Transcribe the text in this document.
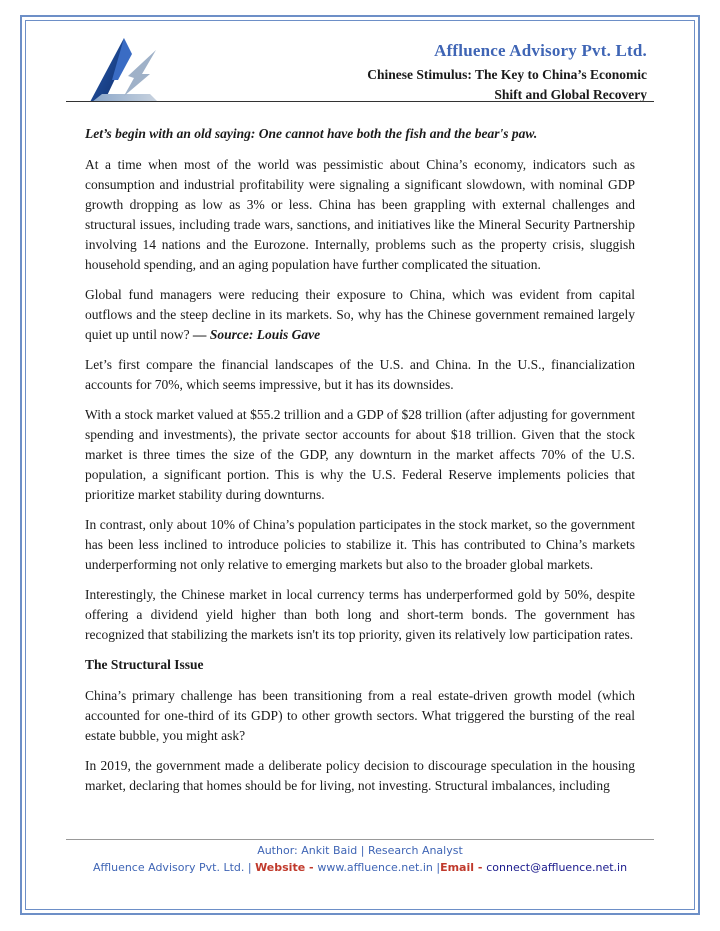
Affluence Advisory Pvt. Ltd.
Chinese Stimulus: The Key to China’s Economic
Shift and Global Recovery

Let’s begin with an old saying: One cannot have both the fish and the bear's paw.

At a time when most of the world was pessimistic about China’s economy, indicators such as consumption and industrial profitability were signaling a significant slowdown, with nominal GDP growth dropping as low as 3% or less. China has been grappling with external challenges and structural issues, including trade wars, sanctions, and initiatives like the Mineral Security Partnership involving 14 nations and the Eurozone. Internally, problems such as the property crisis, sluggish household spending, and an aging population have further complicated the situation.

Global fund managers were reducing their exposure to China, which was evident from capital outflows and the steep decline in its markets. So, why has the Chinese government remained largely quiet up until now? — Source: Louis Gave

Let’s first compare the financial landscapes of the U.S. and China. In the U.S., financialization accounts for 70%, which seems impressive, but it has its downsides.

With a stock market valued at $55.2 trillion and a GDP of $28 trillion (after adjusting for government spending and investments), the private sector accounts for about $18 trillion. Given that the stock market is three times the size of the GDP, any downturn in the market affects 70% of the U.S. population, a significant portion. This is why the U.S. Federal Reserve implements policies that prioritize market stability during downturns.

In contrast, only about 10% of China’s population participates in the stock market, so the government has been less inclined to introduce policies to stabilize it. This has contributed to China’s markets underperforming not only relative to emerging markets but also to the broader global markets.

Interestingly, the Chinese market in local currency terms has underperformed gold by 50%, despite offering a dividend yield higher than both long and short-term bonds. The government has recognized that stabilizing the markets isn't its top priority, given its relatively low participation rates.

The Structural Issue

China’s primary challenge has been transitioning from a real estate-driven growth model (which accounted for one-third of its GDP) to other growth sectors. What triggered the bursting of the real estate bubble, you might ask?

In 2019, the government made a deliberate policy decision to discourage speculation in the housing market, declaring that homes should be for living, not investing. Structural imbalances, including

Author: Ankit Baid | Research Analyst
Affluence Advisory Pvt. Ltd. | Website - www.affluence.net.in |Email - connect@affluence.net.in
